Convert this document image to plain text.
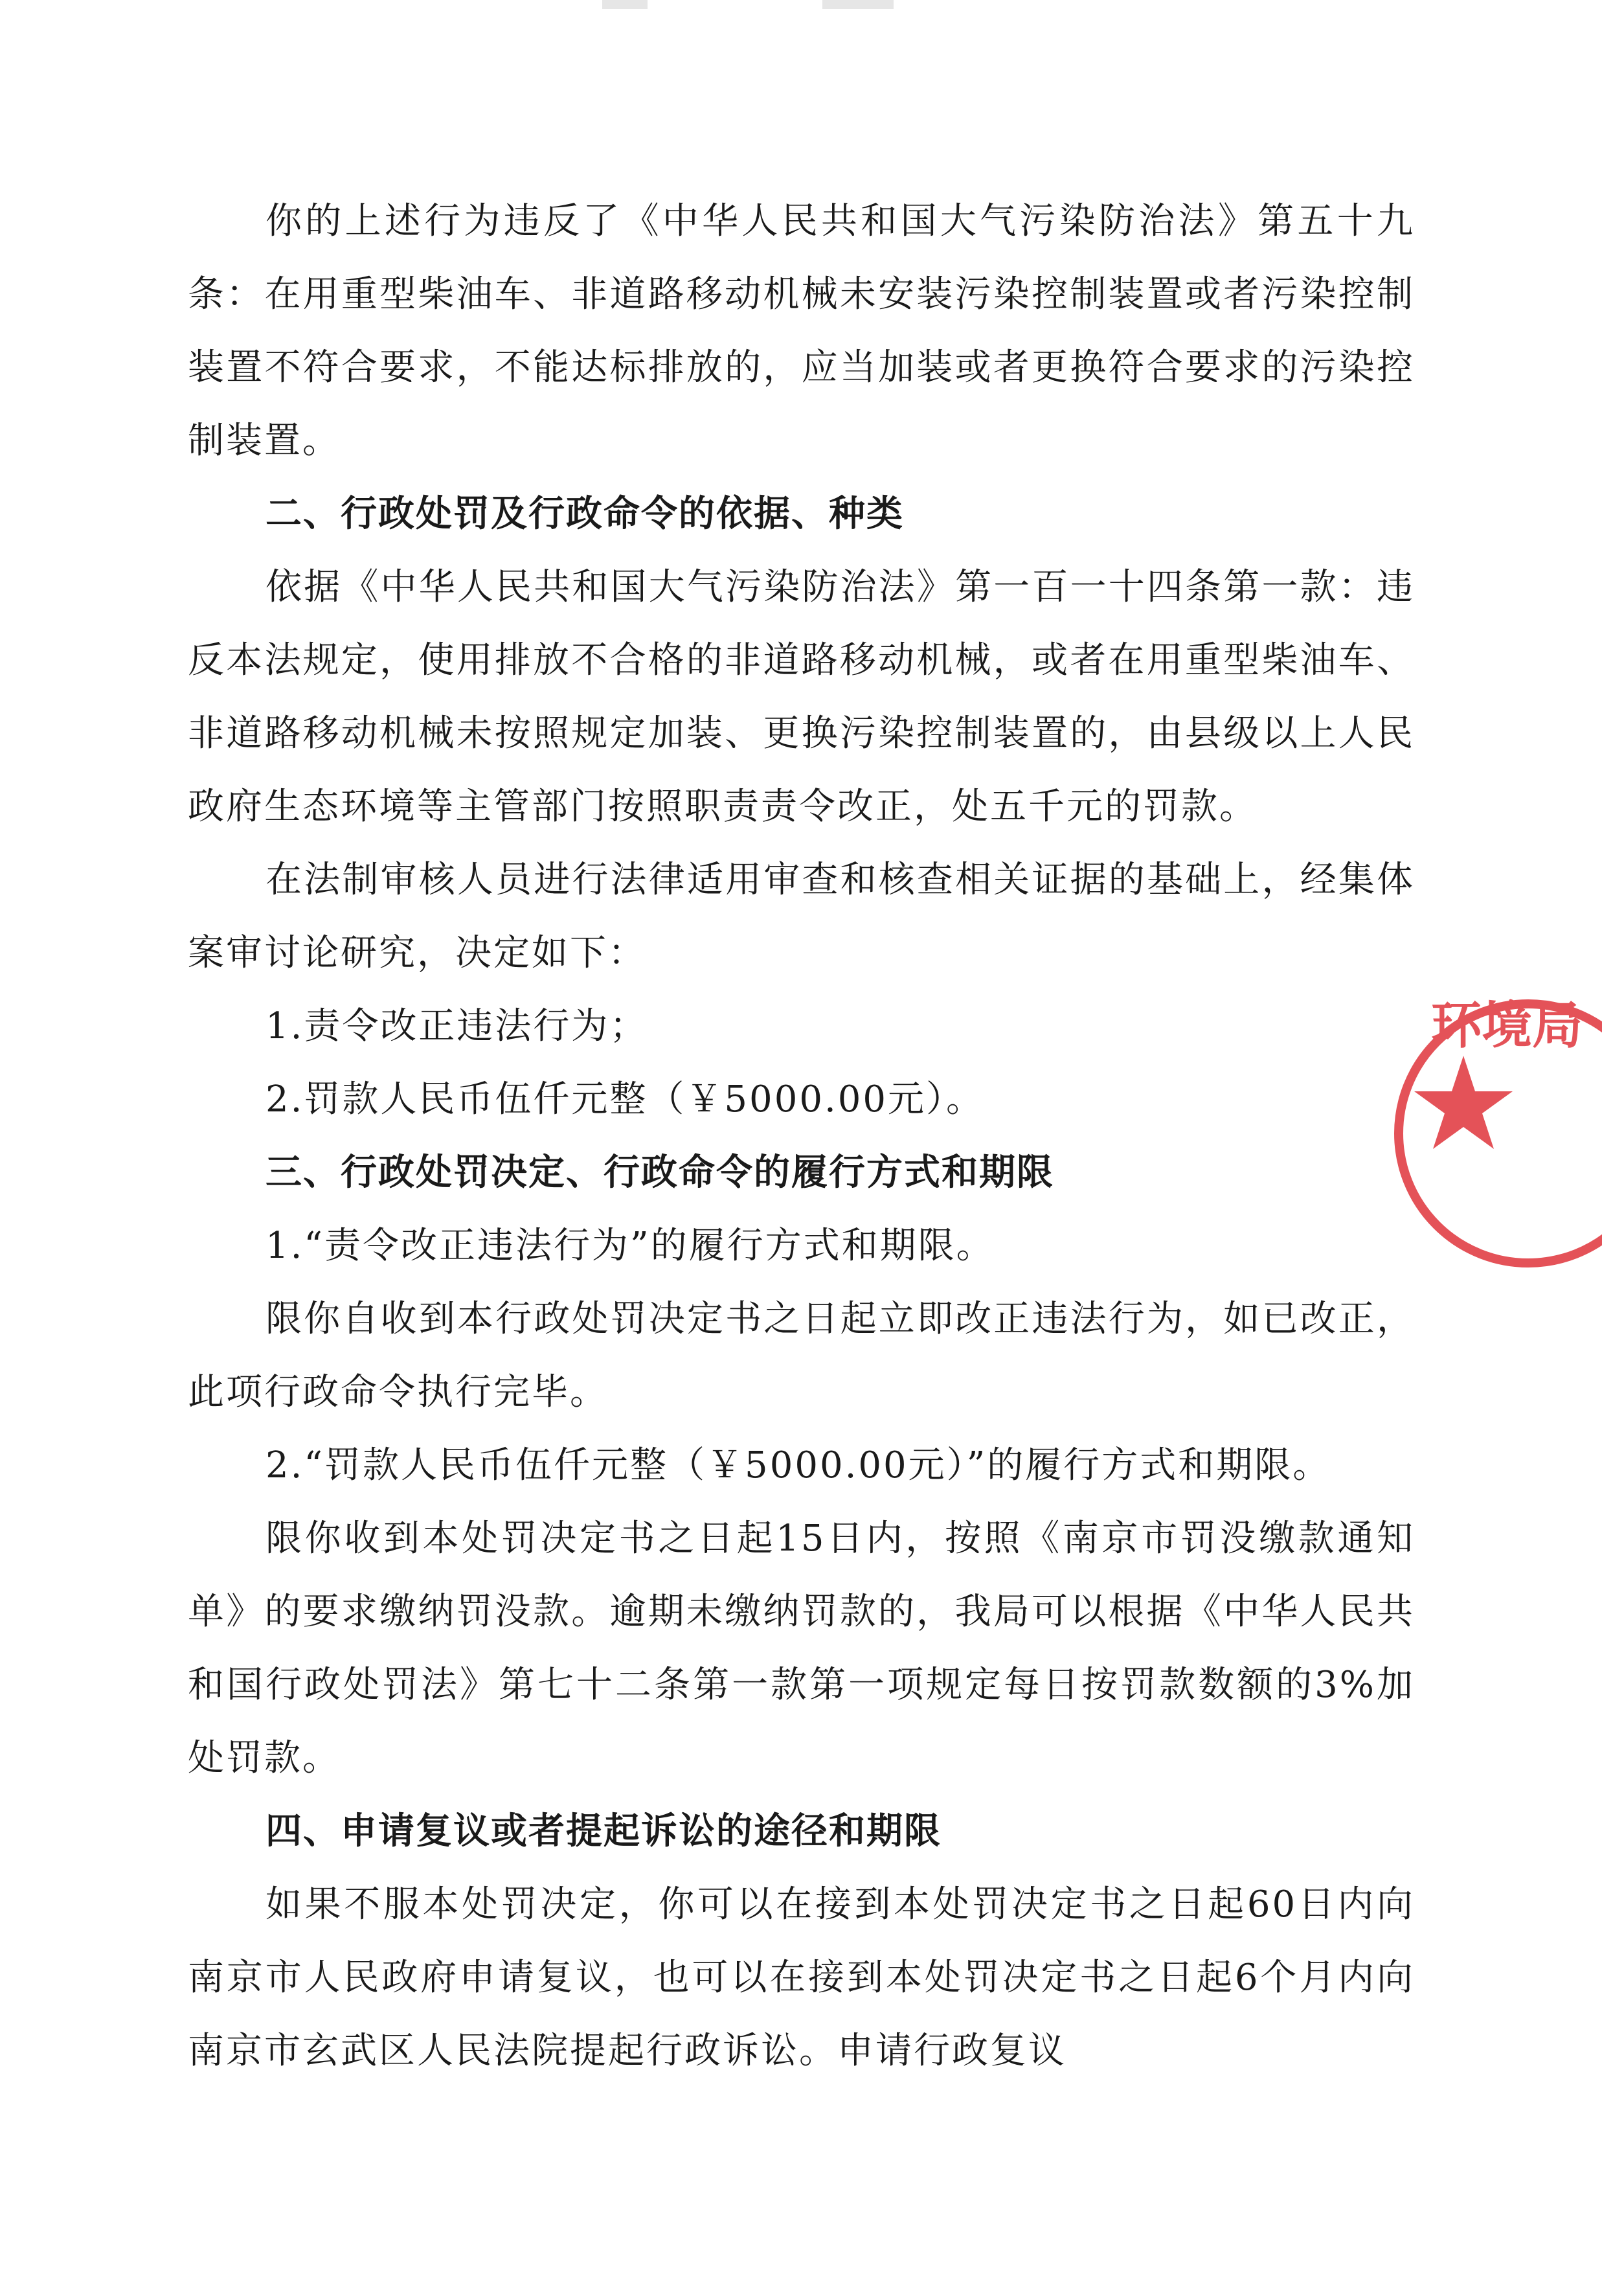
你的上述行为违反了《中华人民共和国大气污染防治法》第五十九条：在用重型柴油车、非道路移动机械未安装污染控制装置或者污染控制装置不符合要求，不能达标排放的，应当加装或者更换符合要求的污染控制装置。

二、行政处罚及行政命令的依据、种类

依据《中华人民共和国大气污染防治法》第一百一十四条第一款：违反本法规定，使用排放不合格的非道路移动机械，或者在用重型柴油车、非道路移动机械未按照规定加装、更换污染控制装置的，由县级以上人民政府生态环境等主管部门按照职责责令改正，处五千元的罚款。

在法制审核人员进行法律适用审查和核查相关证据的基础上，经集体案审讨论研究，决定如下：

1.责令改正违法行为；

2.罚款人民币伍仟元整（￥5000.00元）。

三、行政处罚决定、行政命令的履行方式和期限

1.“责令改正违法行为”的履行方式和期限。

限你自收到本行政处罚决定书之日起立即改正违法行为，如已改正，此项行政命令执行完毕。

2.“罚款人民币伍仟元整（￥5000.00元）”的履行方式和期限。

限你收到本处罚决定书之日起15日内，按照《南京市罚没缴款通知单》的要求缴纳罚没款。逾期未缴纳罚款的，我局可以根据《中华人民共和国行政处罚法》第七十二条第一款第一项规定每日按罚款数额的3%加处罚款。

四、申请复议或者提起诉讼的途径和期限

如果不服本处罚决定，你可以在接到本处罚决定书之日起60日内向南京市人民政府申请复议，也可以在接到本处罚决定书之日起6个月内向南京市玄武区人民法院提起行政诉讼。申请行政复议

环境局
